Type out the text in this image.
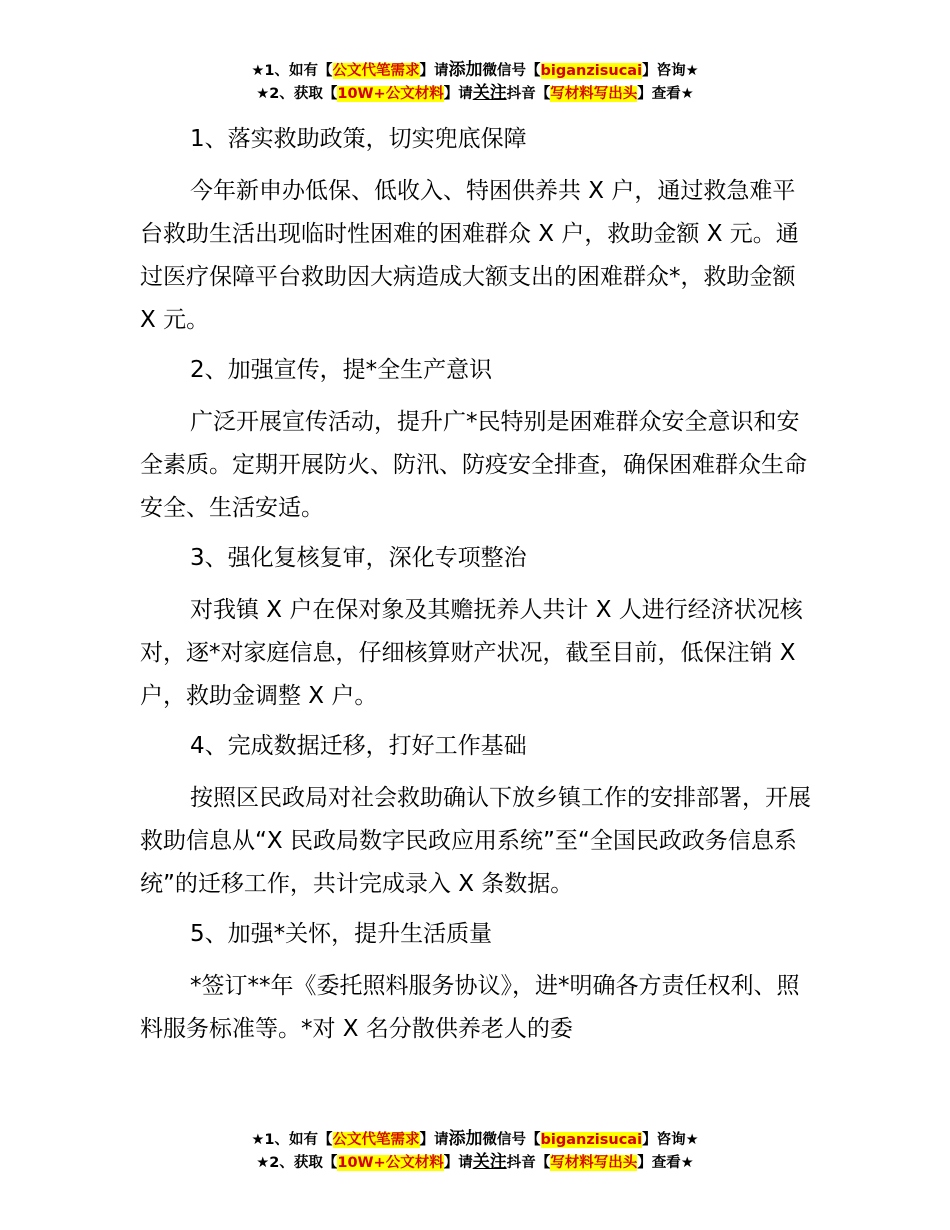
★1、如有【公文代笔需求】请添加微信号【biganzisucai】咨询★
★2、获取【10W+公文材料】请关注抖音【写材料写出头】查看★

1、落实救助政策，切实兜底保障

今年新申办低保、低收入、特困供养共 X 户，通过救急难平台救助生活出现临时性困难的困难群众 X 户，救助金额 X 元。通过医疗保障平台救助因大病造成大额支出的困难群众*，救助金额 X 元。

2、加强宣传，提*全生产意识

广泛开展宣传活动，提升广*民特别是困难群众安全意识和安全素质。定期开展防火、防汛、防疫安全排查，确保困难群众生命安全、生活安适。

3、强化复核复审，深化专项整治

对我镇 X 户在保对象及其赡抚养人共计 X 人进行经济状况核对，逐*对家庭信息，仔细核算财产状况，截至目前，低保注销 X 户，救助金调整 X 户。

4、完成数据迁移，打好工作基础

按照区民政局对社会救助确认下放乡镇工作的安排部署，开展救助信息从“X 民政局数字民政应用系统”至“全国民政政务信息系统”的迁移工作，共计完成录入 X 条数据。

5、加强*关怀，提升生活质量

*签订**年《委托照料服务协议》，进*明确各方责任权利、照料服务标准等。*对 X 名分散供养老人的委

★1、如有【公文代笔需求】请添加微信号【biganzisucai】咨询★
★2、获取【10W+公文材料】请关注抖音【写材料写出头】查看★
